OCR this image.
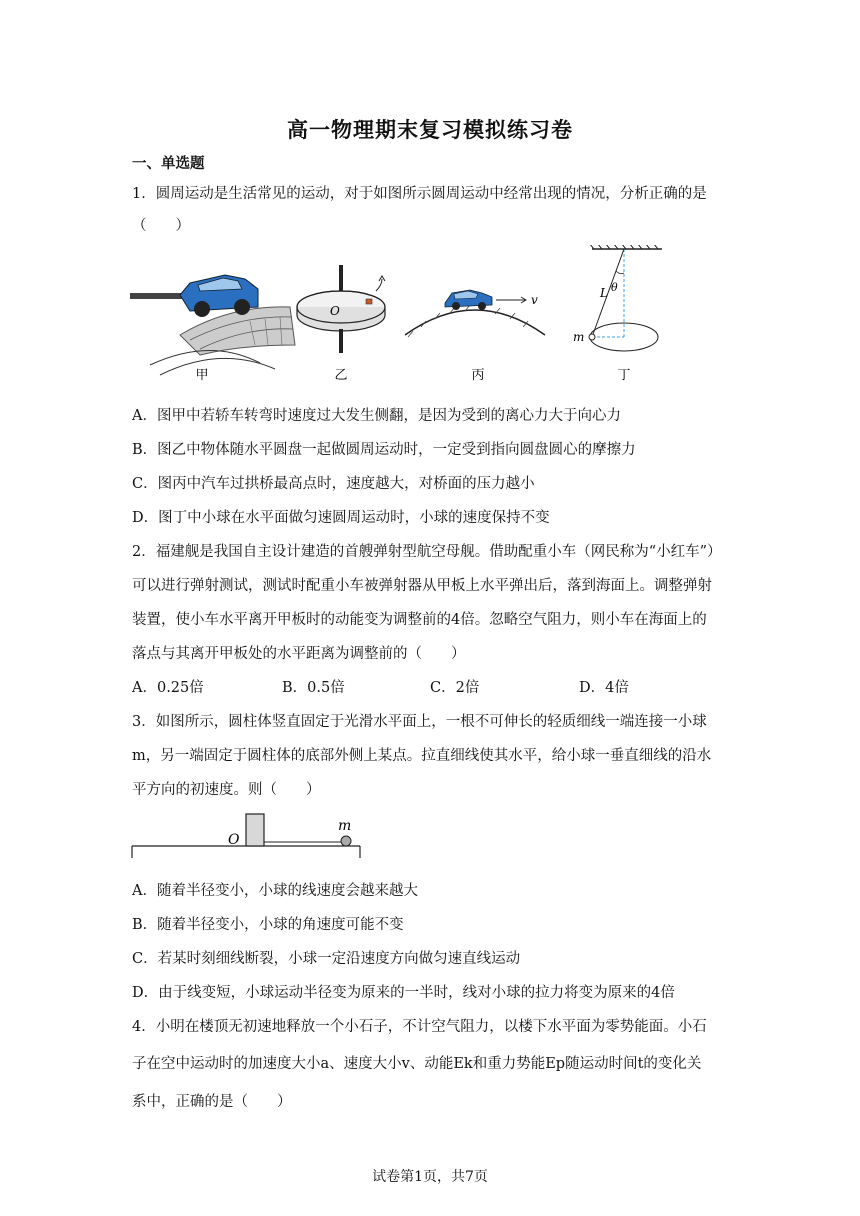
高一物理期末复习模拟练习卷
一、单选题
1．圆周运动是生活常见的运动，对于如图所示圆周运动中经常出现的情况，分析正确的是
（　　）
甲
O
乙
v
丙
L θ
m
丁
A．图甲中若轿车转弯时速度过大发生侧翻，是因为受到的离心力大于向心力
B．图乙中物体随水平圆盘一起做圆周运动时，一定受到指向圆盘圆心的摩擦力
C．图丙中汽车过拱桥最高点时，速度越大，对桥面的压力越小
D．图丁中小球在水平面做匀速圆周运动时，小球的速度保持不变
2．福建舰是我国自主设计建造的首艘弹射型航空母舰。借助配重小车（网民称为“小红车”）
可以进行弹射测试，测试时配重小车被弹射器从甲板上水平弹出后，落到海面上。调整弹射
装置，使小车水平离开甲板时的动能变为调整前的4倍。忽略空气阻力，则小车在海面上的
落点与其离开甲板处的水平距离为调整前的（　　）
A．0.25倍	B．0.5倍	C．2倍	D．4倍
3．如图所示，圆柱体竖直固定于光滑水平面上，一根不可伸长的轻质细线一端连接一小球
m，另一端固定于圆柱体的底部外侧上某点。拉直细线使其水平，给小球一垂直细线的沿水
平方向的初速度。则（　　）
O
m
A．随着半径变小，小球的线速度会越来越大
B．随着半径变小，小球的角速度可能不变
C．若某时刻细线断裂，小球一定沿速度方向做匀速直线运动
D．由于线变短，小球运动半径变为原来的一半时，线对小球的拉力将变为原来的4倍
4．小明在楼顶无初速地释放一个小石子，不计空气阻力，以楼下水平面为零势能面。小石
子在空中运动时的加速度大小a、速度大小v、动能Ek和重力势能Ep随运动时间t的变化关
系中，正确的是（　　）
试卷第1页，共7页
